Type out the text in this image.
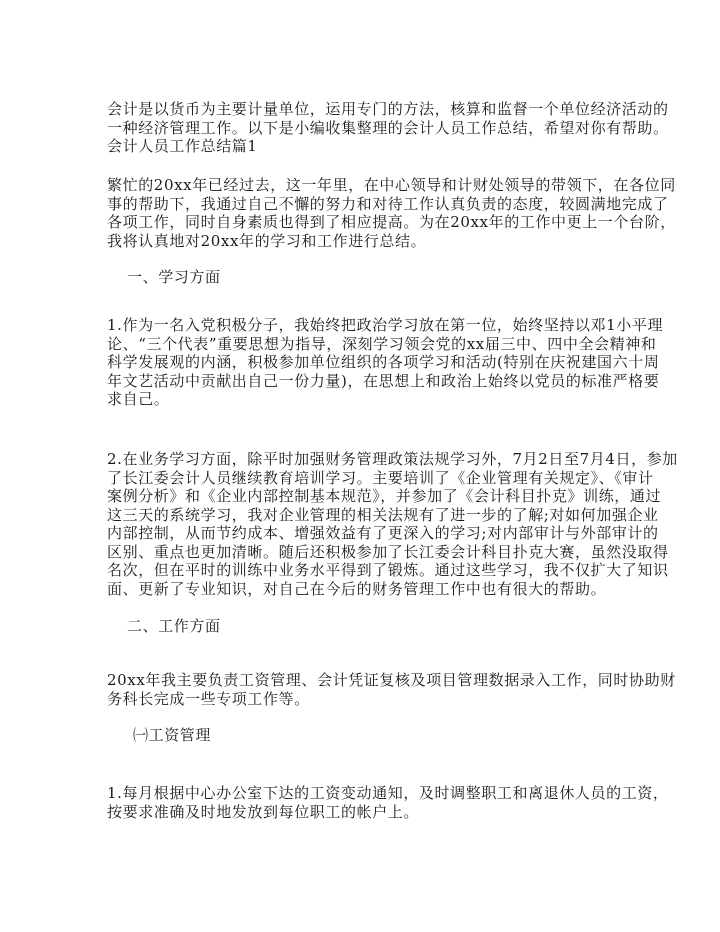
会计是以货币为主要计量单位，运用专门的方法，核算和监督一个单位经济活动的
一种经济管理工作。以下是小编收集整理的会计人员工作总结，希望对你有帮助。
会计人员工作总结篇1
繁忙的20xx年已经过去，这一年里，在中心领导和计财处领导的带领下，在各位同
事的帮助下，我通过自己不懈的努力和对待工作认真负责的态度，较圆满地完成了
各项工作，同时自身素质也得到了相应提高。为在20xx年的工作中更上一个台阶，
我将认真地对20xx年的学习和工作进行总结。
一、学习方面
1.作为一名入党积极分子，我始终把政治学习放在第一位，始终坚持以邓1小平理
论、“三个代表”重要思想为指导，深刻学习领会党的xx届三中、四中全会精神和
科学发展观的内涵，积极参加单位组织的各项学习和活动(特别在庆祝建国六十周
年文艺活动中贡献出自己一份力量)，在思想上和政治上始终以党员的标准严格要
求自己。
2.在业务学习方面，除平时加强财务管理政策法规学习外，7月2日至7月4日，参加
了长江委会计人员继续教育培训学习。主要培训了《企业管理有关规定》、《审计
案例分析》和《企业内部控制基本规范》，并参加了《会计科目扑克》训练，通过
这三天的系统学习，我对企业管理的相关法规有了进一步的了解;对如何加强企业
内部控制，从而节约成本、增强效益有了更深入的学习;对内部审计与外部审计的
区别、重点也更加清晰。随后还积极参加了长江委会计科目扑克大赛，虽然没取得
名次，但在平时的训练中业务水平得到了锻炼。通过这些学习，我不仅扩大了知识
面、更新了专业知识，对自己在今后的财务管理工作中也有很大的帮助。
二、工作方面
20xx年我主要负责工资管理、会计凭证复核及项目管理数据录入工作，同时协助财
务科长完成一些专项工作等。
㈠工资管理
1.每月根据中心办公室下达的工资变动通知，及时调整职工和离退休人员的工资，
按要求准确及时地发放到每位职工的帐户上。
